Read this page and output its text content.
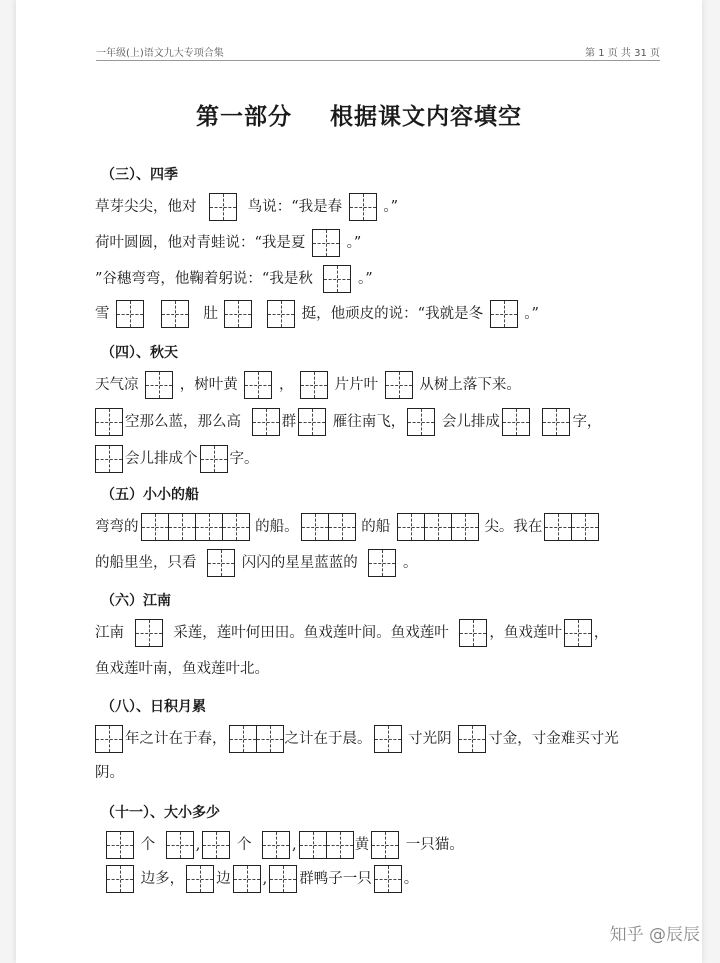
一年级(上)语文九大专项合集	第 1 页 共 31 页
第一部分 根据课文内容填空
（三）、四季
草芽尖尖，他对	鸟说：“我是春	。”
荷叶圆圆，他对青蛙说：“我是夏	。”
”谷穗弯弯，他鞠着躬说：“我是秋	。”
雪	肚	挺，他顽皮的说：“我就是冬	。”
（四）、秋天
天气凉	，树叶黄	，	片片叶	从树上落下来。
空那么蓝，那么高	群	雁往南飞，	会儿排成	字，
会儿排成个 字。
（五）小小的船
弯弯的	的船。	的船	尖。我在
的船里坐，只看	闪闪的星星蓝蓝的	。
（六）江南
江南	采莲，莲叶何田田。鱼戏莲叶间。鱼戏莲叶	，鱼戏莲叶 ，
鱼戏莲叶南，鱼戏莲叶北。
（八）、日积月累
年之计在于春，	之计在于晨。	寸光阴	寸金，寸金难买寸光
阴。
（十一）、大小多少
个	,	个	,	黄	一只猫。
边多， 边 , 群鸭子一只 。
知乎 @辰辰
